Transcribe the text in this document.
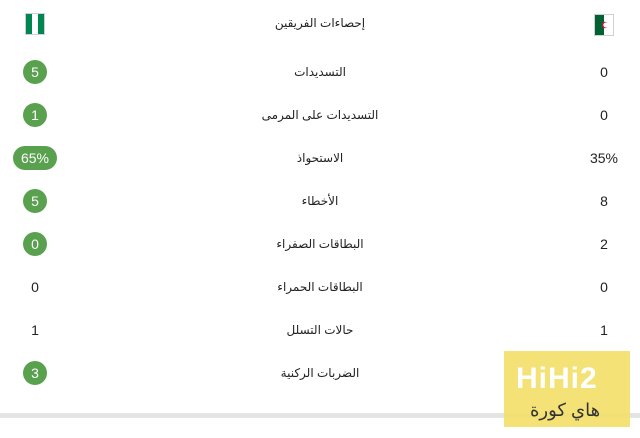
إحصاءات الفريقين
5	التسديدات	0
1	التسديدات على المرمى	0
65%	الاستحواذ	35%
5	الأخطاء	8
0	البطاقات الصفراء	2
0	البطاقات الحمراء	0
1	حالات التسلل	1
3	الضربات الركنية	HiHi2
هاي كورة
